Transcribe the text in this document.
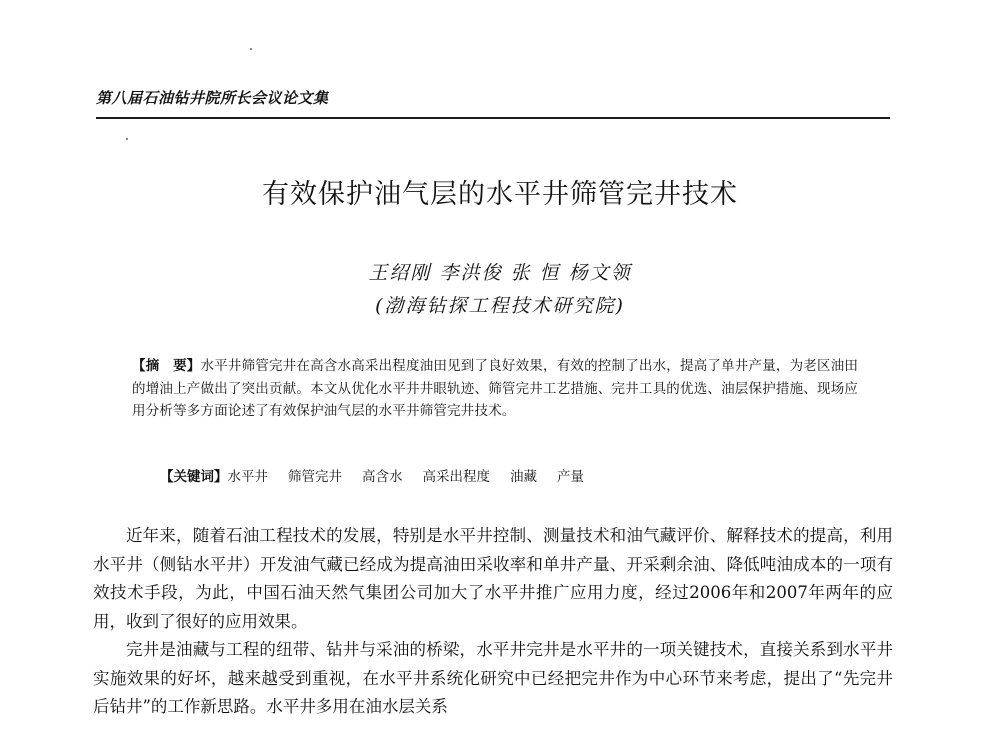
第八届石油钻井院所长会议论文集
有效保护油气层的水平井筛管完井技术
王绍刚 李洪俊 张 恒 杨文领
(渤海钻探工程技术研究院)
【摘　要】水平井筛管完井在高含水高采出程度油田见到了良好效果，有效的控制了出水，提高了单井产量，为老区油田的增油上产做出了突出贡献。本文从优化水平井井眼轨迹、筛管完井工艺措施、完井工具的优选、油层保护措施、现场应用分析等多方面论述了有效保护油气层的水平井筛管完井技术。
【关键词】水平井 筛管完井 高含水 高采出程度 油藏 产量

近年来，随着石油工程技术的发展，特别是水平井控制、测量技术和油气藏评价、解释技术的提高，利用水平井（侧钻水平井）开发油气藏已经成为提高油田采收率和单井产量、开采剩余油、降低吨油成本的一项有效技术手段，为此，中国石油天然气集团公司加大了水平井推广应用力度，经过2006年和2007年两年的应用，收到了很好的应用效果。

完井是油藏与工程的纽带、钻井与采油的桥梁，水平井完井是水平井的一项关键技术，直接关系到水平井实施效果的好坏，越来越受到重视，在水平井系统化研究中已经把完井作为中心环节来考虑，提出了“先完井后钻井”的工作新思路。水平井多用在油水层关系
